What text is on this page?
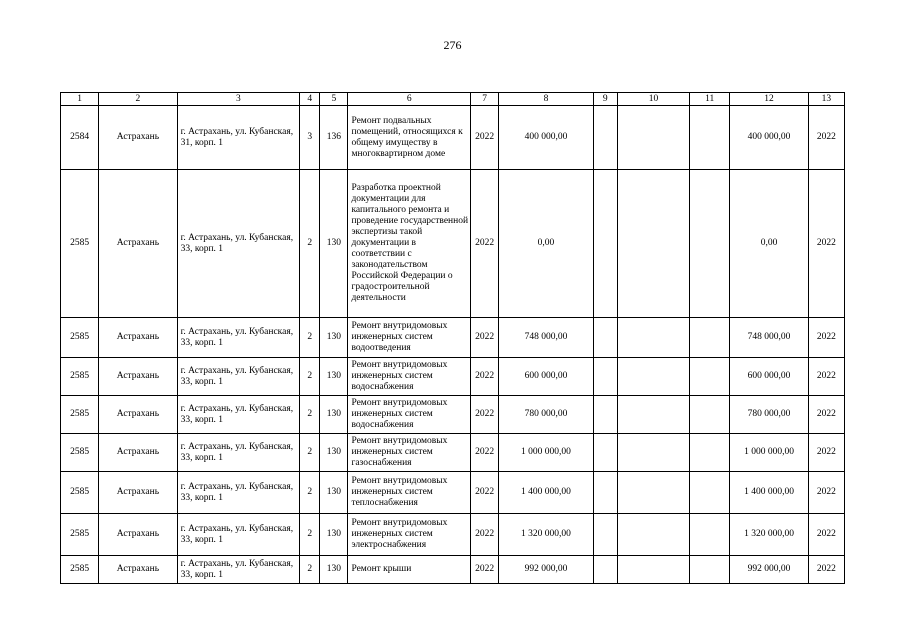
276
1	2	3	4	5	6	7	8	9	10	11	12	13
2584	Астрахань	г. Астрахань, ул. Кубанская, 31, корп. 1	3	136	Ремонт подвальных помещений, относящихся к общему имуществу в многоквартирном доме	2022	400 000,00				400 000,00	2022
2585	Астрахань	г. Астрахань, ул. Кубанская, 33, корп. 1	2	130	Разработка проектной документации для капитального ремонта и проведение государственной экспертизы такой документации в соответствии с законодательством Российской Федерации о градостроительной деятельности	2022	0,00				0,00	2022
2585	Астрахань	г. Астрахань, ул. Кубанская, 33, корп. 1	2	130	Ремонт внутридомовых инженерных систем водоотведения	2022	748 000,00				748 000,00	2022
2585	Астрахань	г. Астрахань, ул. Кубанская, 33, корп. 1	2	130	Ремонт внутридомовых инженерных систем водоснабжения	2022	600 000,00				600 000,00	2022
2585	Астрахань	г. Астрахань, ул. Кубанская, 33, корп. 1	2	130	Ремонт внутридомовых инженерных систем водоснабжения	2022	780 000,00				780 000,00	2022
2585	Астрахань	г. Астрахань, ул. Кубанская, 33, корп. 1	2	130	Ремонт внутридомовых инженерных систем газоснабжения	2022	1 000 000,00				1 000 000,00	2022
2585	Астрахань	г. Астрахань, ул. Кубанская, 33, корп. 1	2	130	Ремонт внутридомовых инженерных систем теплоснабжения	2022	1 400 000,00				1 400 000,00	2022
2585	Астрахань	г. Астрахань, ул. Кубанская, 33, корп. 1	2	130	Ремонт внутридомовых инженерных систем электроснабжения	2022	1 320 000,00				1 320 000,00	2022
2585	Астрахань	г. Астрахань, ул. Кубанская, 33, корп. 1	2	130	Ремонт крыши	2022	992 000,00				992 000,00	2022
